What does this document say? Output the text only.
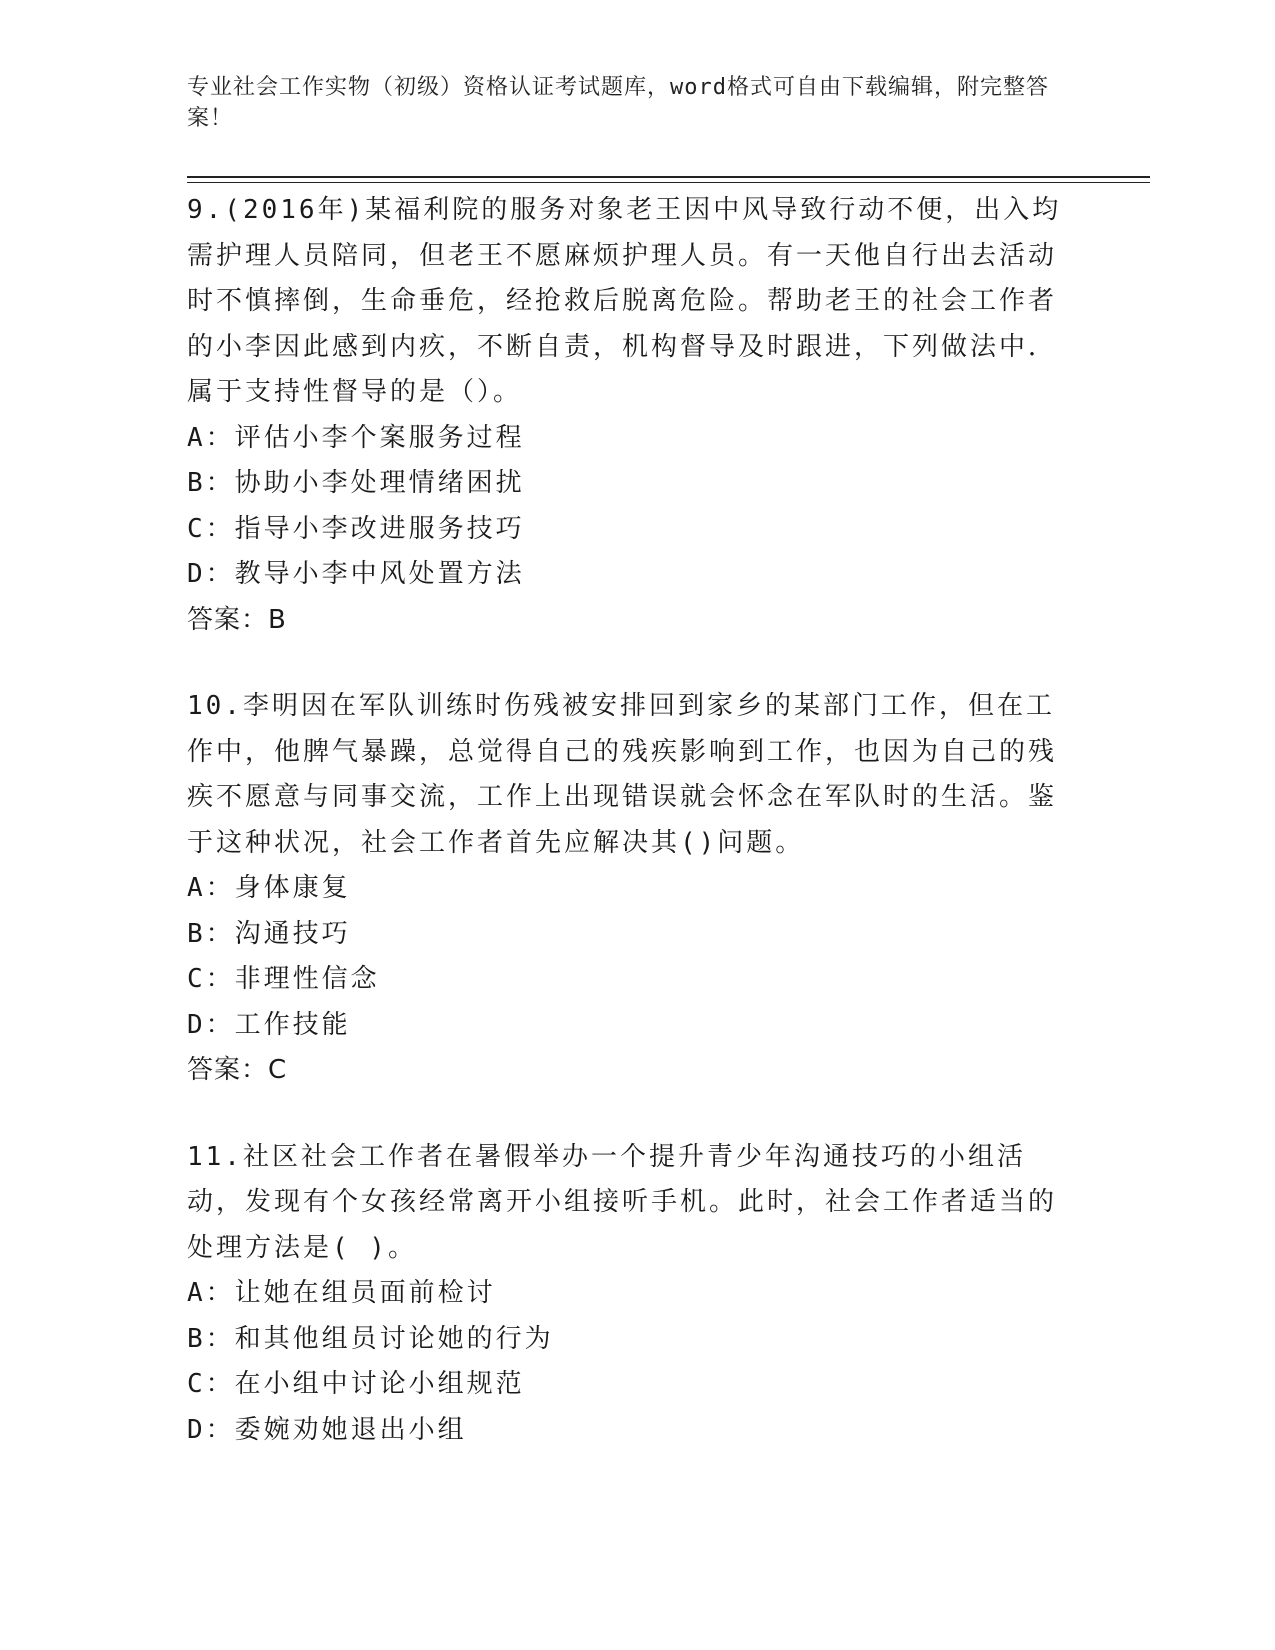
专业社会工作实物（初级）资格认证考试题库，word格式可自由下载编辑，附完整答案！

9.(2016年)某福利院的服务对象老王因中风导致行动不便，出入均需护理人员陪同，但老王不愿麻烦护理人员。有一天他自行出去活动时不慎摔倒，生命垂危，经抢救后脱离危险。帮助老王的社会工作者的小李因此感到内疚，不断自责，机构督导及时跟进，下列做法中．属于支持性督导的是（）。

A：评估小李个案服务过程

B：协助小李处理情绪困扰

C：指导小李改进服务技巧

D：教导小李中风处置方法

答案：B

10.李明因在军队训练时伤残被安排回到家乡的某部门工作，但在工作中，他脾气暴躁，总觉得自己的残疾影响到工作，也因为自己的残疾不愿意与同事交流，工作上出现错误就会怀念在军队时的生活。鉴于这种状况，社会工作者首先应解决其()问题。

A：身体康复

B：沟通技巧

C：非理性信念

D：工作技能

答案：C

11.社区社会工作者在暑假举办一个提升青少年沟通技巧的小组活动，发现有个女孩经常离开小组接听手机。此时，社会工作者适当的处理方法是( )。

A：让她在组员面前检讨

B：和其他组员讨论她的行为

C：在小组中讨论小组规范

D：委婉劝她退出小组
